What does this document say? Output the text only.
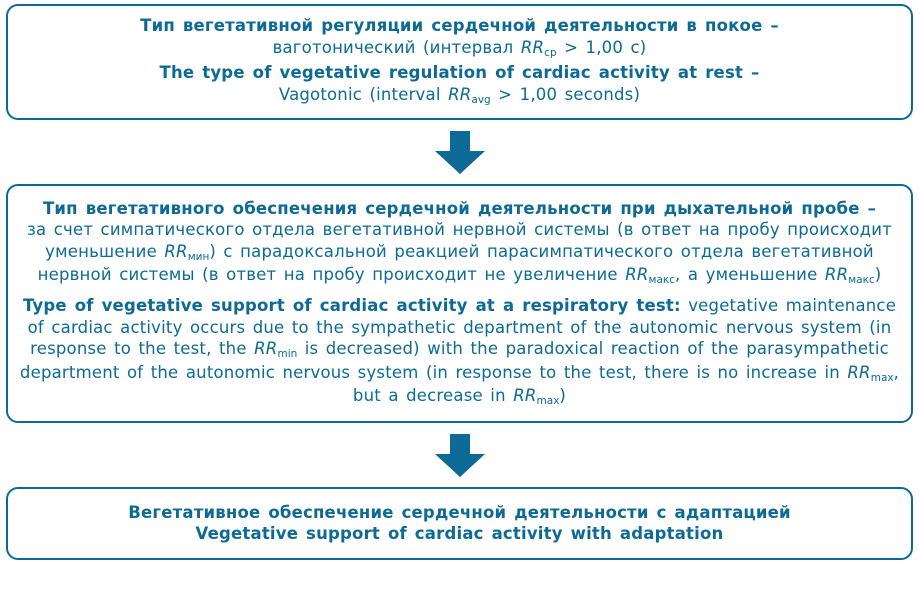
Тип вегетативной регуляции сердечной деятельности в покое –

ваготонический (интервал $RR_{ср} > 1,00$ с)

The type of vegetative regulation of cardiac activity at rest –

Vagotonic (interval $RR_{avg} > 1,00$ seconds)

Тип вегетативного обеспечения сердечной деятельности при дыхательной пробе –
за счет симпатического отдела вегетативной нервной системы (в ответ на пробу происходит уменьшение $RR_{мин}$) с парадоксальной реакцией парасимпатического отдела вегетативной нервной системы (в ответ на пробу происходит не увеличение $RR_{макс}$, а уменьшение $RR_{макс}$)

Type of vegetative support of cardiac activity at a respiratory test: vegetative maintenance of cardiac activity occurs due to the sympathetic department of the autonomic nervous system (in response to the test, the $RR_{min}$ is decreased) with the paradoxical reaction of the parasympathetic department of the autonomic nervous system (in response to the test, there is no increase in $RR_{max}$, but a decrease in $RR_{max}$)

Вегетативное обеспечение сердечной деятельности с адаптацией

Vegetative support of cardiac activity with adaptation
